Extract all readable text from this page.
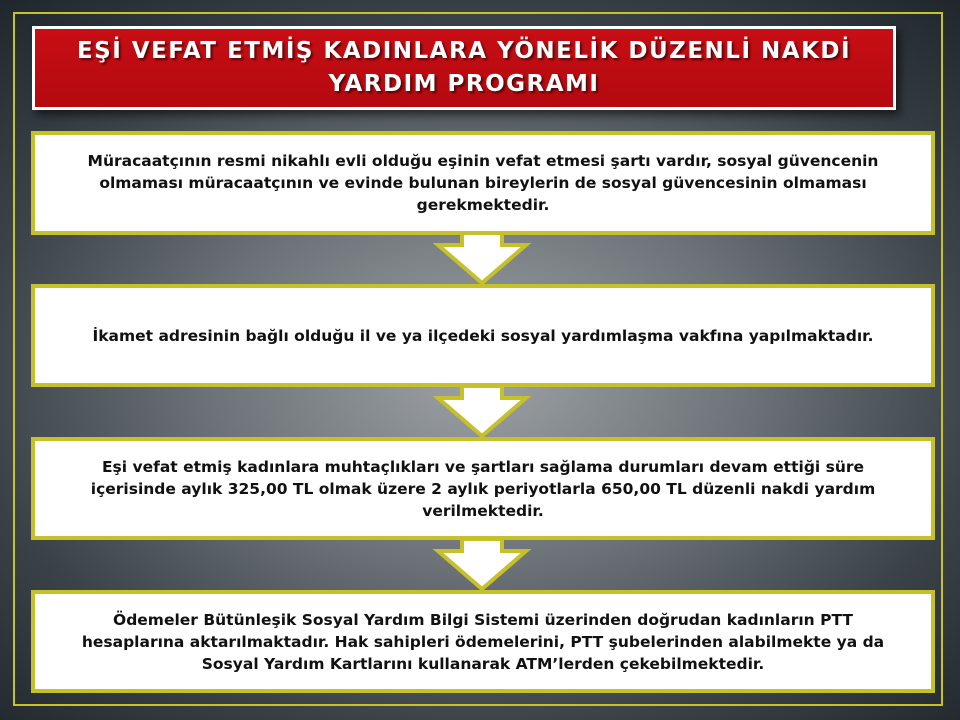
EŞİ VEFAT ETMİŞ KADINLARA YÖNELİK DÜZENLİ NAKDİ YARDIM PROGRAMI
Müracaatçının resmi nikahlı evli olduğu eşinin vefat etmesi şartı vardır, sosyal güvencenin olmaması müracaatçının ve evinde bulunan bireylerin de sosyal güvencesinin olmaması gerekmektedir.
İkamet adresinin bağlı olduğu il ve ya ilçedeki sosyal yardımlaşma vakfına yapılmaktadır.
Eşi vefat etmiş kadınlara muhtaçlıkları ve şartları sağlama durumları devam ettiği süre içerisinde aylık 325,00 TL olmak üzere 2 aylık periyotlarla 650,00 TL düzenli nakdi yardım verilmektedir.
Ödemeler Bütünleşik Sosyal Yardım Bilgi Sistemi üzerinden doğrudan kadınların PTT hesaplarına aktarılmaktadır. Hak sahipleri ödemelerini, PTT şubelerinden alabilmekte ya da Sosyal Yardım Kartlarını kullanarak ATM’lerden çekebilmektedir.
